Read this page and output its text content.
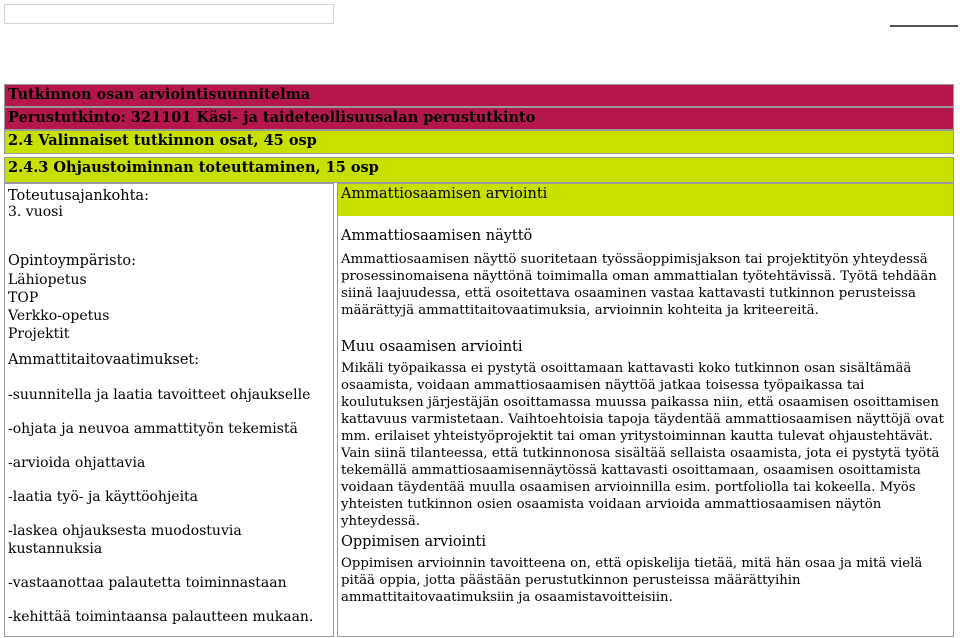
Tutkinnon osan arviointisuunnitelma
Perustutkinto: 321101 Käsi- ja taideteollisuusalan perustutkinto
2.4 Valinnaiset tutkinnon osat, 45 osp
2.4.3 Ohjaustoiminnan toteuttaminen, 15 osp

Toteutusajankohta:

3. vuosi

Opintoympäristo:

Lähiopetus

TOP

Verkko-opetus

Projektit

Ammattitaitovaatimukset:

-suunnitella ja laatia tavoitteet ohjaukselle

-ohjata ja neuvoa ammattityön tekemistä

-arvioida ohjattavia

-laatia työ- ja käyttöohjeita

-laskea ohjauksesta muodostuvia kustannuksia

-vastaanottaa palautetta toiminnastaan

-kehittää toimintaansa palautteen mukaan.

Ammattiosaamisen arviointi

Ammattiosaamisen näyttö

Ammattiosaamisen näyttö suoritetaan työssäoppimisjakson tai projektityön yhteydessä prosessinomaisena näyttönä toimimalla oman ammattialan työtehtävissä. Työtä tehdään siinä laajuudessa, että osoitettava osaaminen vastaa kattavasti tutkinnon perusteissa määrättyjä ammattitaitovaatimuksia, arvioinnin kohteita ja kriteereitä.

Muu osaamisen arviointi

Mikäli työpaikassa ei pystytä osoittamaan kattavasti koko tutkinnon osan sisältämää osaamista, voidaan ammattiosaamisen näyttöä jatkaa toisessa työpaikassa tai koulutuksen järjestäjän osoittamassa muussa paikassa niin, että osaamisen osoittamisen kattavuus varmistetaan. Vaihtoehtoisia tapoja täydentää ammattiosaamisen näyttöjä ovat mm. erilaiset yhteistyöprojektit tai oman yritystoiminnan kautta tulevat ohjaustehtävät. Vain siinä tilanteessa, että tutkinnonosa sisältää sellaista osaamista, jota ei pystytä työtä tekemällä ammattiosaamisennäytössä kattavasti osoittamaan, osaamisen osoittamista voidaan täydentää muulla osaamisen arvioinnilla esim. portfoliolla tai kokeella. Myös yhteisten tutkinnon osien osaamista voidaan arvioida ammattiosaamisen näytön yhteydessä.

Oppimisen arviointi

Oppimisen arvioinnin tavoitteena on, että opiskelija tietää, mitä hän osaa ja mitä vielä pitää oppia, jotta päästään perustutkinnon perusteissa määrättyihin ammattitaitovaatimuksiin ja osaamistavoitteisiin.
